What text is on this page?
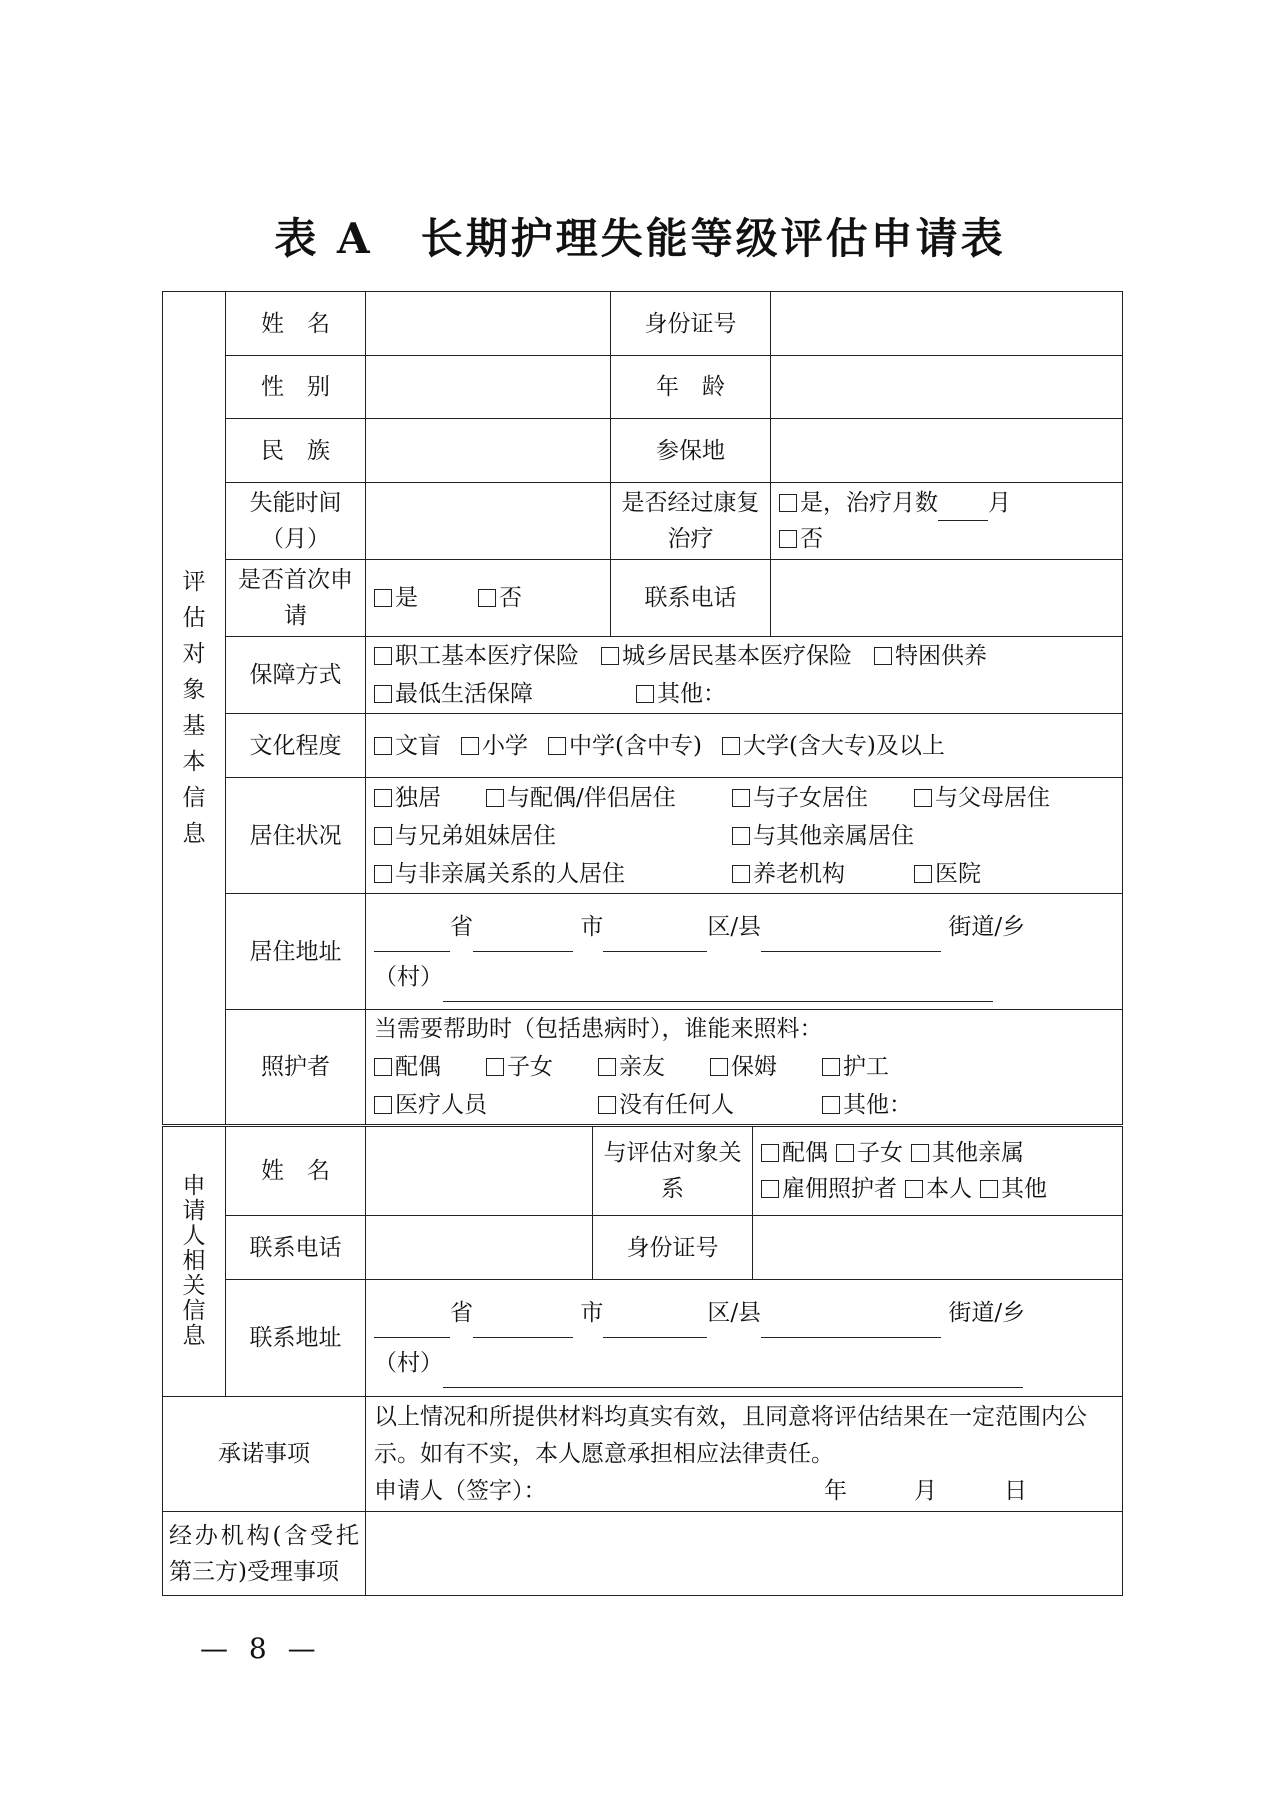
表 A 长期护理失能等级评估申请表
评估对象基本信息	姓　名		身份证号	
	性　别		年　龄	
	民　族		参保地	
	失能时间（月）		是否经过康复治疗	是，治疗月数 月
否

	是否首次申请	是 否	联系电话	
	保障方式	职工基本医疗保险 城乡居民基本医疗保险 特困供养
最低生活保障 其他：		

	文化程度	文盲 小学 中学(含中专) 大学(含大专)及以上		

	居住状况	独居 与配偶/伴侣居住 与子女居住 与父母居住
与兄弟姐妹居住 与其他亲属居住
与非亲属关系的人居住 养老机构 医院		

	居住地址	省 市 区/县 街道/乡
（村）		

	照护者	当需要帮助时（包括患病时），谁能来照料：
配偶 子女 亲友 保姆 护工
医疗人员 没有任何人 其他：		
申请人相关信息	姓　名		与评估对象关系	配偶 子女 其他亲属
雇佣照护者 本人 其他

	联系电话		身份证号	
	联系地址	省 市 区/县 街道/乡
（村）		

承诺事项		以上情况和所提供材料均真实有效，且同意将评估结果在一定范围内公示。如有不实，本人愿意承担相应法律责任。
申请人（签字）： 年 月 日		

经办机构(含受托第三方)受理事项				
— 8 —
